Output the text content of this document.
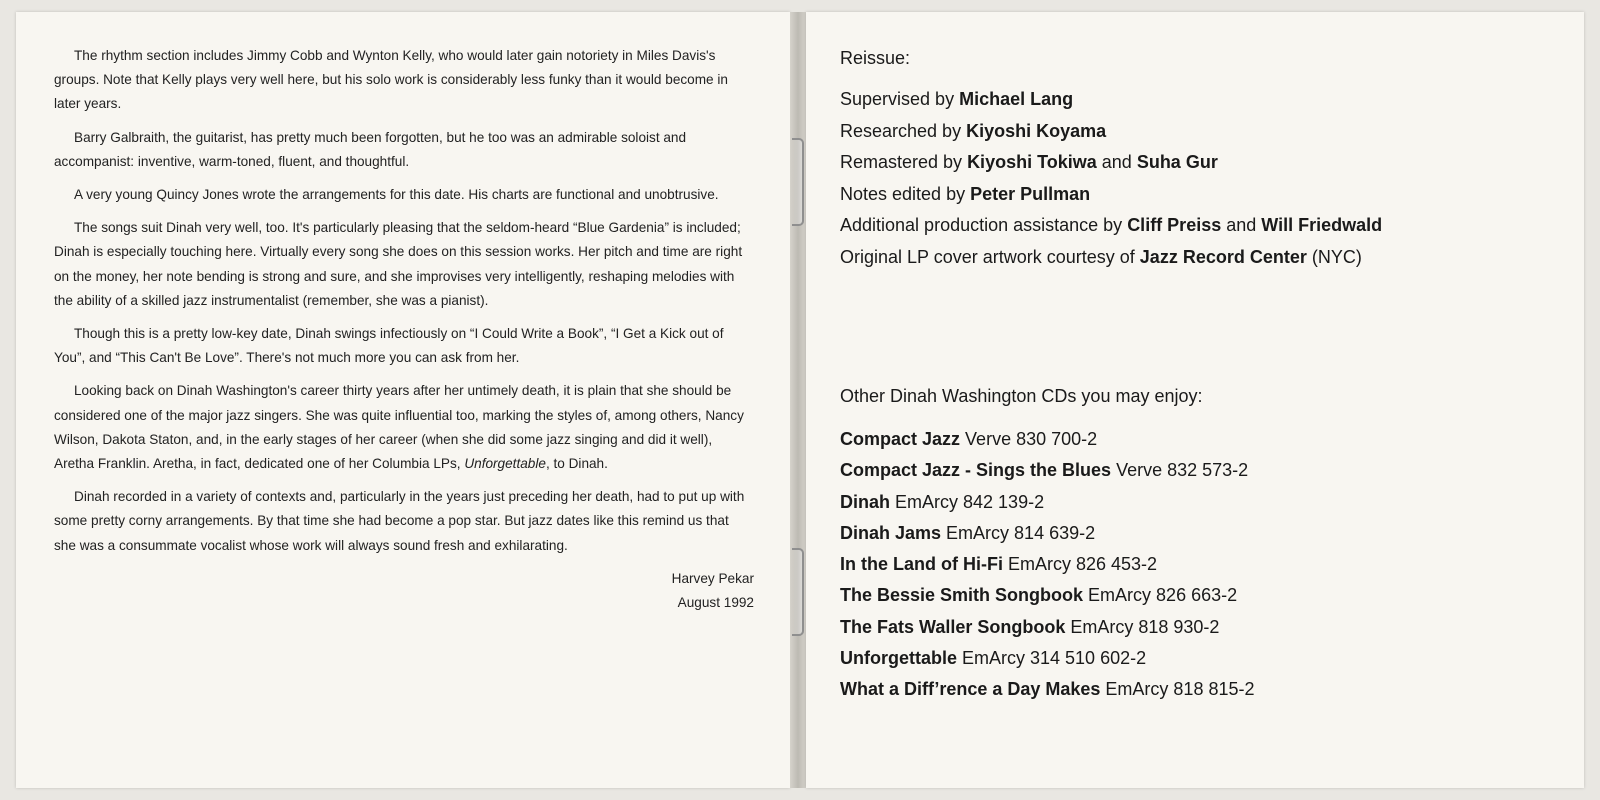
The rhythm section includes Jimmy Cobb and Wynton Kelly, who would later gain notoriety in Miles Davis's groups. Note that Kelly plays very well here, but his solo work is considerably less funky than it would become in later years.

Barry Galbraith, the guitarist, has pretty much been forgotten, but he too was an admirable soloist and accompanist: inventive, warm-toned, fluent, and thoughtful.

A very young Quincy Jones wrote the arrangements for this date. His charts are functional and unobtrusive.

The songs suit Dinah very well, too. It's particularly pleasing that the seldom-heard “Blue Gardenia” is included; Dinah is especially touching here. Virtually every song she does on this session works. Her pitch and time are right on the money, her note bending is strong and sure, and she improvises very intelligently, reshaping melodies with the ability of a skilled jazz instrumentalist (remember, she was a pianist).

Though this is a pretty low-key date, Dinah swings infectiously on “I Could Write a Book”, “I Get a Kick out of You”, and “This Can't Be Love”. There's not much more you can ask from her.

Looking back on Dinah Washington's career thirty years after her untimely death, it is plain that she should be considered one of the major jazz singers. She was quite influential too, marking the styles of, among others, Nancy Wilson, Dakota Staton, and, in the early stages of her career (when she did some jazz singing and did it well), Aretha Franklin. Aretha, in fact, dedicated one of her Columbia LPs, Unforgettable, to Dinah.

Dinah recorded in a variety of contexts and, particularly in the years just preceding her death, had to put up with some pretty corny arrangements. By that time she had become a pop star. But jazz dates like this remind us that she was a consummate vocalist whose work will always sound fresh and exhilarating.

Harvey Pekar
August 1992
Reissue:
Supervised by Michael Lang
Researched by Kiyoshi Koyama
Remastered by Kiyoshi Tokiwa and Suha Gur
Notes edited by Peter Pullman
Additional production assistance by Cliff Preiss and Will Friedwald
Original LP cover artwork courtesy of Jazz Record Center (NYC)
Other Dinah Washington CDs you may enjoy:
Compact Jazz Verve 830 700-2
Compact Jazz - Sings the Blues Verve 832 573-2
Dinah EmArcy 842 139-2
Dinah Jams EmArcy 814 639-2
In the Land of Hi-Fi EmArcy 826 453-2
The Bessie Smith Songbook EmArcy 826 663-2
The Fats Waller Songbook EmArcy 818 930-2
Unforgettable EmArcy 314 510 602-2
What a Diff’rence a Day Makes EmArcy 818 815-2
